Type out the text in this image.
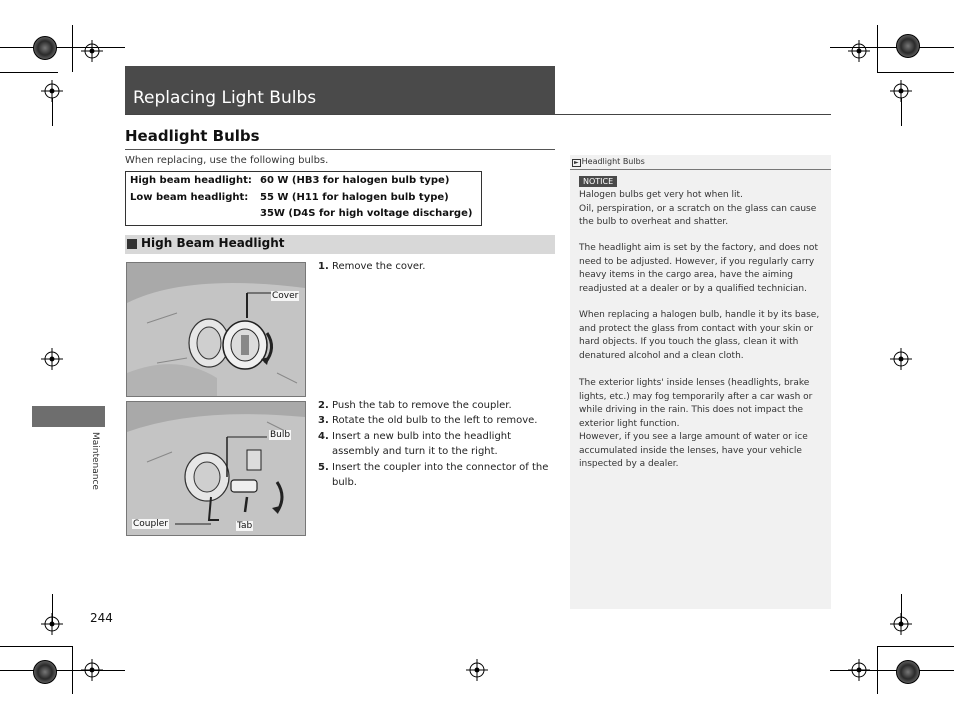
Replacing Light Bulbs
Headlight Bulbs
When replacing, use the following bulbs.
High beam headlight: 60 W (HB3 for halogen bulb type)
Low beam headlight: 55 W (H11 for halogen bulb type)
35W (D4S for high voltage discharge)
High Beam Headlight
Cover
Bulb
Coupler	Tab
1. Remove the cover.
2. Push the tab to remove the coupler.
3. Rotate the old bulb to the left to remove.
4. Insert a new bulb into the headlight
assembly and turn it to the right.
5. Insert the coupler into the connector of the
bulb.
Maintenance
244
► Headlight Bulbs
NOTICE
Halogen bulbs get very hot when lit.
Oil, perspiration, or a scratch on the glass can cause
the bulb to overheat and shatter.
The headlight aim is set by the factory, and does not
need to be adjusted. However, if you regularly carry
heavy items in the cargo area, have the aiming
readjusted at a dealer or by a qualified technician.
When replacing a halogen bulb, handle it by its base,
and protect the glass from contact with your skin or
hard objects. If you touch the glass, clean it with
denatured alcohol and a clean cloth.
The exterior lights' inside lenses (headlights, brake
lights, etc.) may fog temporarily after a car wash or
while driving in the rain. This does not impact the
exterior light function.
However, if you see a large amount of water or ice
accumulated inside the lenses, have your vehicle
inspected by a dealer.
